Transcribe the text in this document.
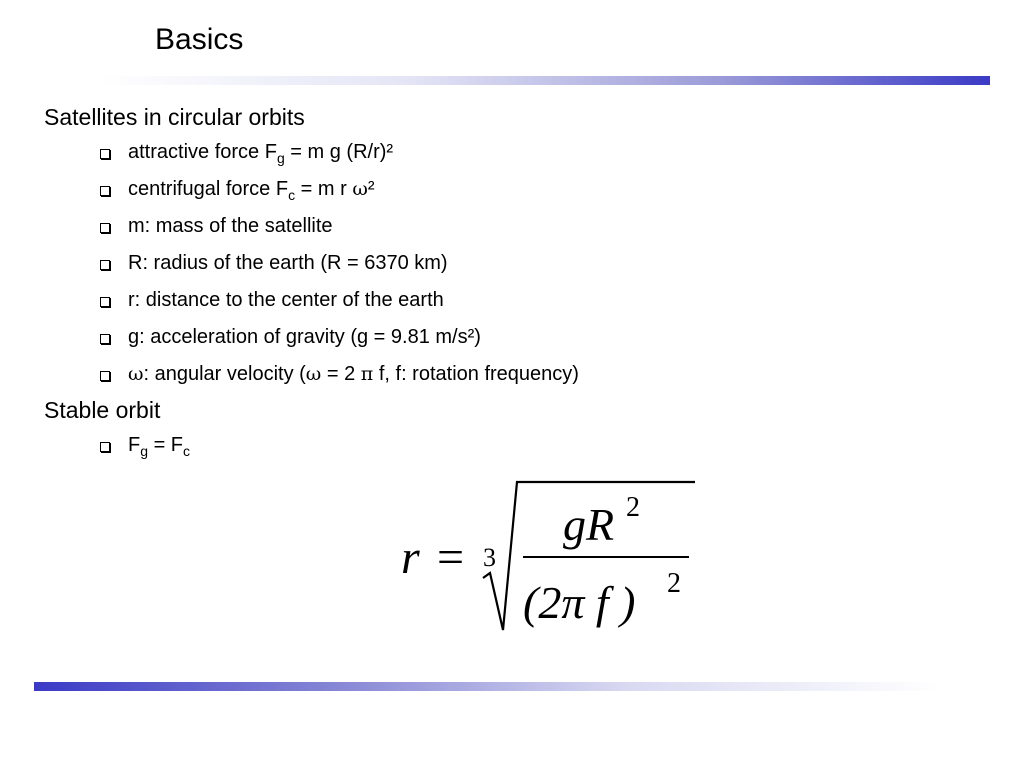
Basics

Satellites in circular orbits

attractive force $F_g = m$ g (R/r)²
centrifugal force $F_c = m$ r ω²
m: mass of the satellite
R: radius of the earth (R = 6370 km)
r: distance to the center of the earth
g: acceleration of gravity (g = 9.81 m/s²)
ω: angular velocity (ω = 2 π f, f: rotation frequency)

Stable orbit

$F_g = F_c$
r = 3
gR 2
(2π f ) 2
